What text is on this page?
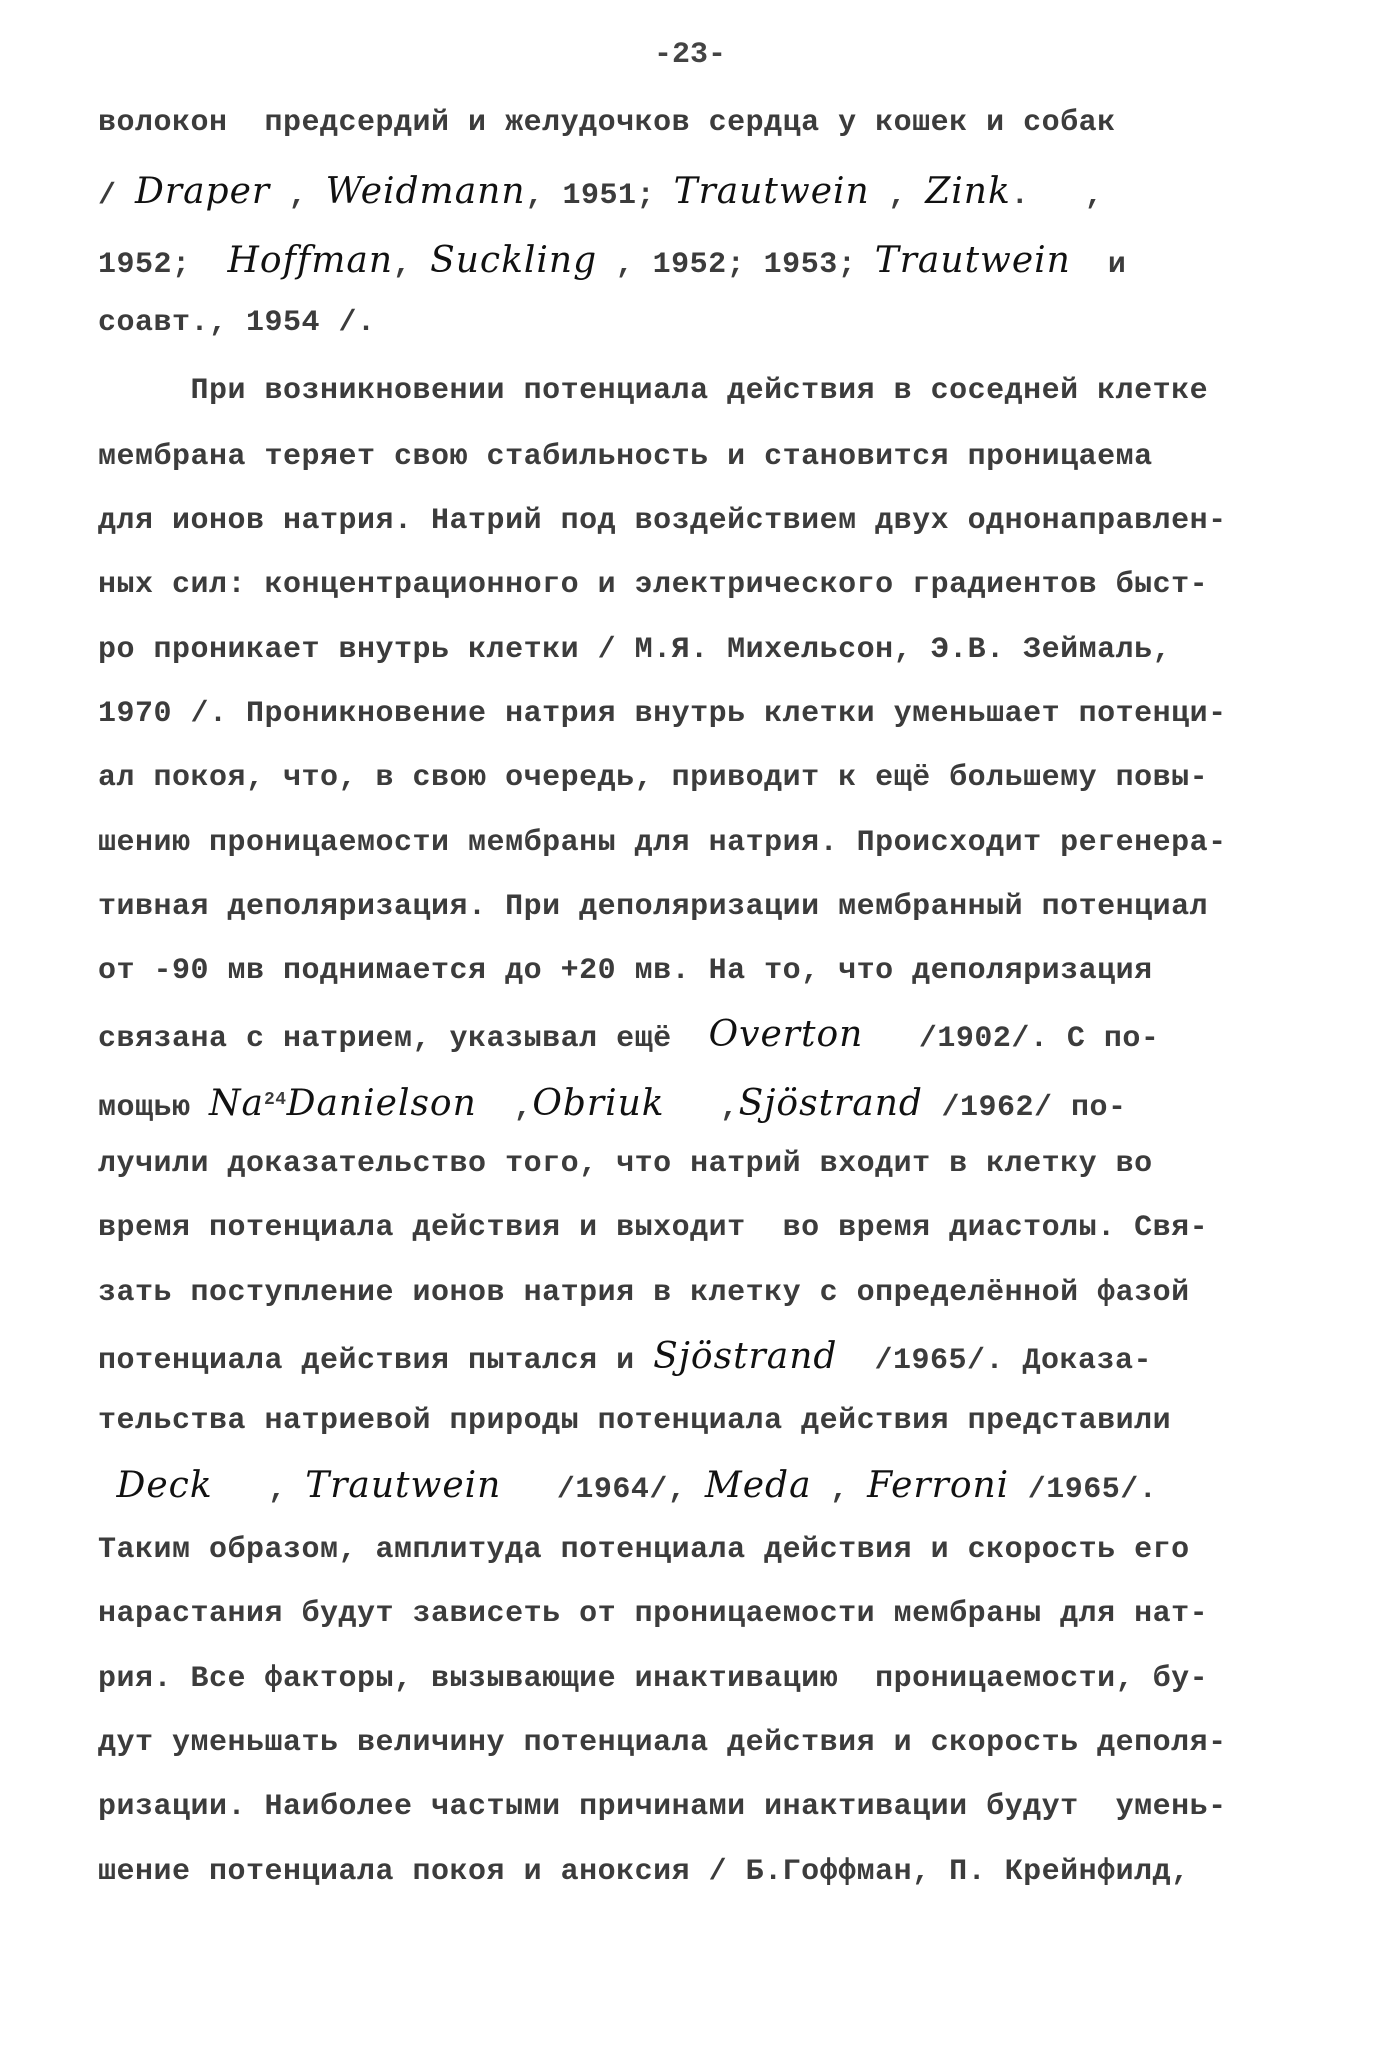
-23-
волокон  предсердий и желудочков сердца у кошек и собак
/ Draper , Weidmann, 1951; Trautwein , Zink.   ,
1952;  Hoffman, Suckling , 1952; 1953; Trautwein  и
соавт., 1954 /.
При возникновении потенциала действия в соседней клетке
мембрана теряет свою стабильность и становится проницаема
для ионов натрия. Натрий под воздействием двух однонаправлен-
ных сил: концентрационного и электрического градиентов быст-
ро проникает внутрь клетки / М.Я. Михельсон, Э.В. Зеймаль,
1970 /. Проникновение натрия внутрь клетки уменьшает потенци-
ал покоя, что, в свою очередь, приводит к ещё большему повы-
шению проницаемости мембраны для натрия. Происходит регенера-
тивная деполяризация. При деполяризации мембранный потенциал
от -90 мв поднимается до +20 мв. На то, что деполяризация
связана с натрием, указывал ещё  Overton   /1902/. С по-
мощью Na$^{24}$Danielson  ,Obriuk   ,Sjöstrand /1962/ по-
лучили доказательство того, что натрий входит в клетку во
время потенциала действия и выходит  во время диастолы. Свя-
зать поступление ионов натрия в клетку с определённой фазой
потенциала действия пытался и Sjöstrand  /1965/. Доказа-
тельства натриевой природы потенциала действия представили
Deck   , Trautwein   /1964/, Meda , Ferroni /1965/.
Таким образом, амплитуда потенциала действия и скорость его
нарастания будут зависеть от проницаемости мембраны для нат-
рия. Все факторы, вызывающие инактивацию  проницаемости, бу-
дут уменьшать величину потенциала действия и скорость деполя-
ризации. Наиболее частыми причинами инактивации будут  умень-
шение потенциала покоя и аноксия / Б.Гоффман, П. Крейнфилд,
